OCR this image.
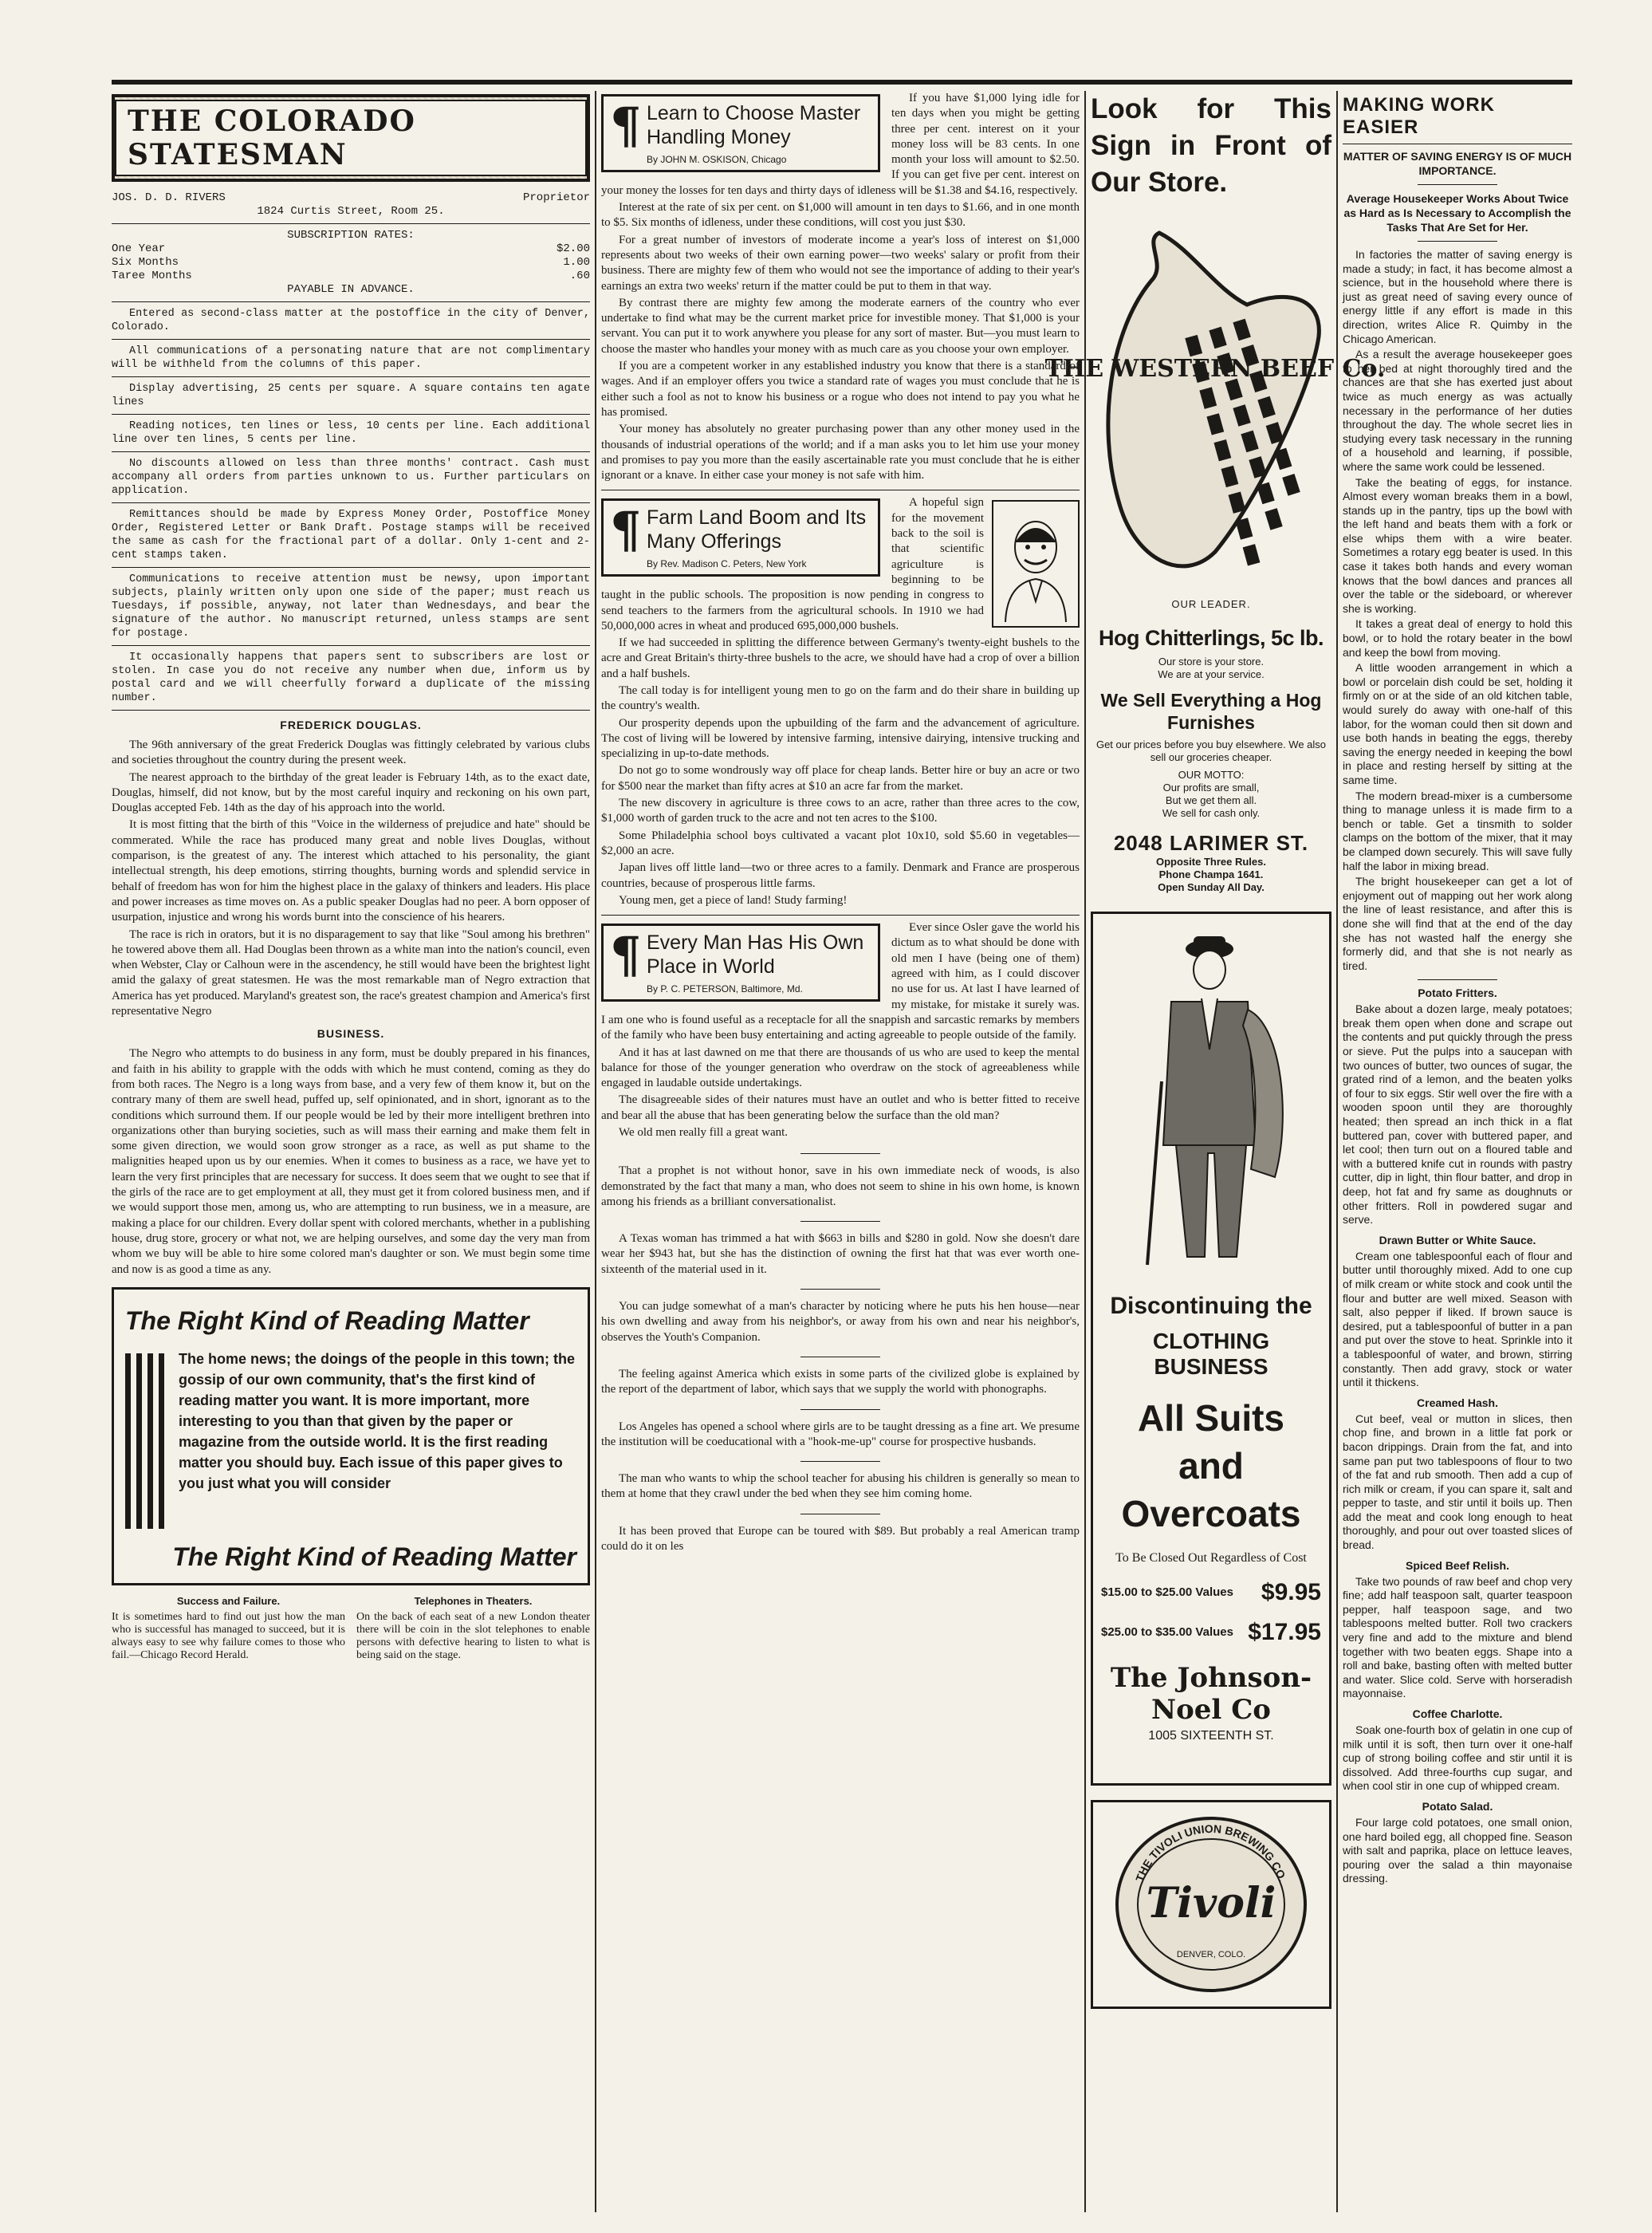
THE COLORADO STATESMAN
JOS. D. D. RIVERS	Proprietor
1824 Curtis Street, Room 25.
SUBSCRIPTION RATES:
One Year	$2.00
Six Months	1.00
Taree Months	.60
PAYABLE IN ADVANCE.

Entered as second-class matter at the postoffice in the city of Denver, Colorado.

All communications of a personating nature that are not complimentary will be withheld from the columns of this paper.

Display advertising, 25 cents per square. A square contains ten agate lines

Reading notices, ten lines or less, 10 cents per line. Each additional line over ten lines, 5 cents per line.

No discounts allowed on less than three months' contract. Cash must accompany all orders from parties unknown to us. Further particulars on application.

Remittances should be made by Express Money Order, Postoffice Money Order, Registered Letter or Bank Draft. Postage stamps will be received the same as cash for the fractional part of a dollar. Only 1-cent and 2-cent stamps taken.

Communications to receive attention must be newsy, upon important subjects, plainly written only upon one side of the paper; must reach us Tuesdays, if possible, anyway, not later than Wednesdays, and bear the signature of the author. No manuscript returned, unless stamps are sent for postage.

It occasionally happens that papers sent to subscribers are lost or stolen. In case you do not receive any number when due, inform us by postal card and we will cheerfully forward a duplicate of the missing number.

FREDERICK DOUGLAS.

The 96th anniversary of the great Frederick Douglas was fittingly celebrated by various clubs and societies throughout the country during the present week.

The nearest approach to the birthday of the great leader is February 14th, as to the exact date, Douglas, himself, did not know, but by the most careful inquiry and reckoning on his own part, Douglas accepted Feb. 14th as the day of his approach into the world.

It is most fitting that the birth of this "Voice in the wilderness of prejudice and hate" should be commerated. While the race has produced many great and noble lives Douglas, without comparison, is the greatest of any. The interest which attached to his personality, the giant intellectual strength, his deep emotions, stirring thoughts, burning words and splendid service in behalf of freedom has won for him the highest place in the galaxy of thinkers and leaders. His place and power increases as time moves on. As a public speaker Douglas had no peer. A born opposer of usurpation, injustice and wrong his words burnt into the conscience of his hearers.

The race is rich in orators, but it is no disparagement to say that like "Soul among his brethren" he towered above them all. Had Douglas been thrown as a white man into the nation's council, even when Webster, Clay or Calhoun were in the ascendency, he still would have been the brightest light amid the galaxy of great statesmen. He was the most remarkable man of Negro extraction that America has yet produced. Maryland's greatest son, the race's greatest champion and America's first representative Negro

BUSINESS.

The Negro who attempts to do business in any form, must be doubly prepared in his finances, and faith in his ability to grapple with the odds with which he must contend, coming as they do from both races. The Negro is a long ways from base, and a very few of them know it, but on the contrary many of them are swell head, puffed up, self opinionated, and in short, ignorant as to the conditions which surround them. If our people would be led by their more intelligent brethren into organizations other than burying societies, such as will mass their earning and make them felt in some given direction, we would soon grow stronger as a race, as well as put shame to the malignities heaped upon us by our enemies. When it comes to business as a race, we have yet to learn the very first principles that are necessary for success. It does seem that we ought to see that if the girls of the race are to get employment at all, they must get it from colored business men, and if we would support those men, among us, who are attempting to run business, we in a measure, are making a place for our children. Every dollar spent with colored merchants, whether in a publishing house, drug store, grocery or what not, we are helping ourselves, and some day the very man from whom we buy will be able to hire some colored man's daughter or son. We must begin some time and now is as good a time as any.

The Right Kind of Reading Matter
The home news; the doings of the people in this town; the gossip of our own community, that's the first kind of reading matter you want. It is more important, more interesting to you than that given by the paper or magazine from the outside world. It is the first reading matter you should buy. Each issue of this paper gives to you just what you will consider
The Right Kind of Reading Matter
Success and Failure.
It is sometimes hard to find out just how the man who is successful has managed to succeed, but it is always easy to see why failure comes to those who fail.—Chicago Record Herald.
Telephones in Theaters.
On the back of each seat of a new London theater there will be coin in the slot telephones to enable persons with defective hearing to listen to what is being said on the stage.
¶ Learn to Choose Master Handling Money
By JOHN M. OSKISON, Chicago

If you have $1,000 lying idle for ten days when you might be getting three per cent. interest on it your money loss will be 83 cents. In one month your loss will amount to $2.50. If you can get five per cent. interest on your money the losses for ten days and thirty days of idleness will be $1.38 and $4.16, respectively.

Interest at the rate of six per cent. on $1,000 will amount in ten days to $1.66, and in one month to $5. Six months of idleness, under these conditions, will cost you just $30.

For a great number of investors of moderate income a year's loss of interest on $1,000 represents about two weeks of their own earning power—two weeks' salary or profit from their business. There are mighty few of them who would not see the importance of adding to their year's earnings an extra two weeks' return if the matter could be put to them in that way.

By contrast there are mighty few among the moderate earners of the country who ever undertake to find what may be the current market price for investible money. That $1,000 is your servant. You can put it to work anywhere you please for any sort of master. But—you must learn to choose the master who handles your money with as much care as you choose your own employer.

If you are a competent worker in any established industry you know that there is a standard of wages. And if an employer offers you twice a standard rate of wages you must conclude that he is either such a fool as not to know his business or a rogue who does not intend to pay you what he has promised.

Your money has absolutely no greater purchasing power than any other money used in the thousands of industrial operations of the world; and if a man asks you to let him use your money and promises to pay you more than the easily ascertainable rate you must conclude that he is either ignorant or a knave. In either case your money is not safe with him.

¶ Farm Land Boom and Its Many Offerings
By Rev. Madison C. Peters, New York

A hopeful sign for the movement back to the soil is that scientific agriculture is beginning to be taught in the public schools. The proposition is now pending in congress to send teachers to the farmers from the agricultural schools. In 1910 we had 50,000,000 acres in wheat and produced 695,000,000 bushels.

If we had succeeded in splitting the difference between Germany's twenty-eight bushels to the acre and Great Britain's thirty-three bushels to the acre, we should have had a crop of over a billion and a half bushels.

The call today is for intelligent young men to go on the farm and do their share in building up the country's wealth.

Our prosperity depends upon the upbuilding of the farm and the advancement of agriculture. The cost of living will be lowered by intensive farming, intensive dairying, intensive trucking and specializing in up-to-date methods.

Do not go to some wondrously way off place for cheap lands. Better hire or buy an acre or two for $500 near the market than fifty acres at $10 an acre far from the market.

The new discovery in agriculture is three cows to an acre, rather than three acres to the cow, $1,000 worth of garden truck to the acre and not ten acres to the $100.

Some Philadelphia school boys cultivated a vacant plot 10x10, sold $5.60 in vegetables—$2,000 an acre.

Japan lives off little land—two or three acres to a family. Denmark and France are prosperous countries, because of prosperous little farms.

Young men, get a piece of land! Study farming!

¶ Every Man Has His Own Place in World
By P. C. PETERSON, Baltimore, Md.

Ever since Osler gave the world his dictum as to what should be done with old men I have (being one of them) agreed with him, as I could discover no use for us. At last I have learned of my mistake, for mistake it surely was. I am one who is found useful as a receptacle for all the snappish and sarcastic remarks by members of the family who have been busy entertaining and acting agreeable to people outside of the family.

And it has at last dawned on me that there are thousands of us who are used to keep the mental balance for those of the younger generation who overdraw on the stock of agreeableness while engaged in laudable outside undertakings.

The disagreeable sides of their natures must have an outlet and who is better fitted to receive and bear all the abuse that has been generating below the surface than the old man?

We old men really fill a great want.

That a prophet is not without honor, save in his own immediate neck of woods, is also demonstrated by the fact that many a man, who does not seem to shine in his own home, is known among his friends as a brilliant conversationalist.

A Texas woman has trimmed a hat with $663 in bills and $280 in gold. Now she doesn't dare wear her $943 hat, but she has the distinction of owning the first hat that was ever worth one-sixteenth of the material used in it.

You can judge somewhat of a man's character by noticing where he puts his hen house—near his own dwelling and away from his neighbor's, or away from his own and near his neighbor's, observes the Youth's Companion.

The feeling against America which exists in some parts of the civilized globe is explained by the report of the department of labor, which says that we supply the world with phonographs.

Los Angeles has opened a school where girls are to be taught dressing as a fine art. We presume the institution will be coeducational with a "hook-me-up" course for prospective husbands.

The man who wants to whip the school teacher for abusing his children is generally so mean to them at home that they crawl under the bed when they see him coming home.

It has been proved that Europe can be toured with $89. But probably a real American tramp could do it on les

Look for This Sign in Front of Our Store.
THE WESTERN BEEF Co.
OUR LEADER.
Hog Chitterlings, 5c lb.
Our store is your store.
We are at your service.
We Sell Everything a Hog Furnishes
Get our prices before you buy elsewhere. We also sell our groceries cheaper.
OUR MOTTO:
Our profits are small,
But we get them all.
We sell for cash only.
2048 LARIMER ST.
Opposite Three Rules.
Phone Champa 1641.
Open Sunday All Day.
Discontinuing the
CLOTHING BUSINESS
All Suits and Overcoats
To Be Closed Out Regardless of Cost
$15.00 to $25.00 Values $9.95
$25.00 to $35.00 Values $17.95
The Johnson-Noel Co
1005 SIXTEENTH ST.
THE TIVOLI UNION BREWING CO.
Tivoli
DENVER, COLO.
MAKING WORK EASIER
MATTER OF SAVING ENERGY IS OF MUCH IMPORTANCE.
Average Housekeeper Works About Twice as Hard as Is Necessary to Accomplish the Tasks That Are Set for Her.

In factories the matter of saving energy is made a study; in fact, it has become almost a science, but in the household where there is just as great need of saving every ounce of energy little if any effort is made in this direction, writes Alice R. Quimby in the Chicago American.

As a result the average housekeeper goes to her bed at night thoroughly tired and the chances are that she has exerted just about twice as much energy as was actually necessary in the performance of her duties throughout the day. The whole secret lies in studying every task necessary in the running of a household and learning, if possible, where the same work could be lessened.

Take the beating of eggs, for instance. Almost every woman breaks them in a bowl, stands up in the pantry, tips up the bowl with the left hand and beats them with a fork or else whips them with a wire beater. Sometimes a rotary egg beater is used. In this case it takes both hands and every woman knows that the bowl dances and prances all over the table or the sideboard, or wherever she is working.

It takes a great deal of energy to hold this bowl, or to hold the rotary beater in the bowl and keep the bowl from moving.

A little wooden arrangement in which a bowl or porcelain dish could be set, holding it firmly on or at the side of an old kitchen table, would surely do away with one-half of this labor, for the woman could then sit down and use both hands in beating the eggs, thereby saving the energy needed in keeping the bowl in place and resting herself by sitting at the same time.

The modern bread-mixer is a cumbersome thing to manage unless it is made firm to a bench or table. Get a tinsmith to solder clamps on the bottom of the mixer, that it may be clamped down securely. This will save fully half the labor in mixing bread.

The bright housekeeper can get a lot of enjoyment out of mapping out her work along the line of least resistance, and after this is done she will find that at the end of the day she has not wasted half the energy she formerly did, and that she is not nearly as tired.

Potato Fritters.

Bake about a dozen large, mealy potatoes; break them open when done and scrape out the contents and put quickly through the press or sieve. Put the pulps into a saucepan with two ounces of butter, two ounces of sugar, the grated rind of a lemon, and the beaten yolks of four to six eggs. Stir well over the fire with a wooden spoon until they are thoroughly heated; then spread an inch thick in a flat buttered pan, cover with buttered paper, and let cool; then turn out on a floured table and with a buttered knife cut in rounds with pastry cutter, dip in light, thin flour batter, and drop in deep, hot fat and fry same as doughnuts or other fritters. Roll in powdered sugar and serve.

Drawn Butter or White Sauce.

Cream one tablespoonful each of flour and butter until thoroughly mixed. Add to one cup of milk cream or white stock and cook until the flour and butter are well mixed. Season with salt, also pepper if liked. If brown sauce is desired, put a tablespoonful of butter in a pan and put over the stove to heat. Sprinkle into it a tablespoonful of water, and brown, stirring constantly. Then add gravy, stock or water until it thickens.

Creamed Hash.

Cut beef, veal or mutton in slices, then chop fine, and brown in a little fat pork or bacon drippings. Drain from the fat, and into same pan put two tablespoons of flour to two of the fat and rub smooth. Then add a cup of rich milk or cream, if you can spare it, salt and pepper to taste, and stir until it boils up. Then add the meat and cook long enough to heat thoroughly, and pour out over toasted slices of bread.

Spiced Beef Relish.

Take two pounds of raw beef and chop very fine; add half teaspoon salt, quarter teaspoon pepper, half teaspoon sage, and two tablespoons melted butter. Roll two crackers very fine and add to the mixture and blend together with two beaten eggs. Shape into a roll and bake, basting often with melted butter and water. Slice cold. Serve with horseradish mayonnaise.

Coffee Charlotte.

Soak one-fourth box of gelatin in one cup of milk until it is soft, then turn over it one-half cup of strong boiling coffee and stir until it is dissolved. Add three-fourths cup sugar, and when cool stir in one cup of whipped cream.

Potato Salad.

Four large cold potatoes, one small onion, one hard boiled egg, all chopped fine. Season with salt and paprika, place on lettuce leaves, pouring over the salad a thin mayonaise dressing.
